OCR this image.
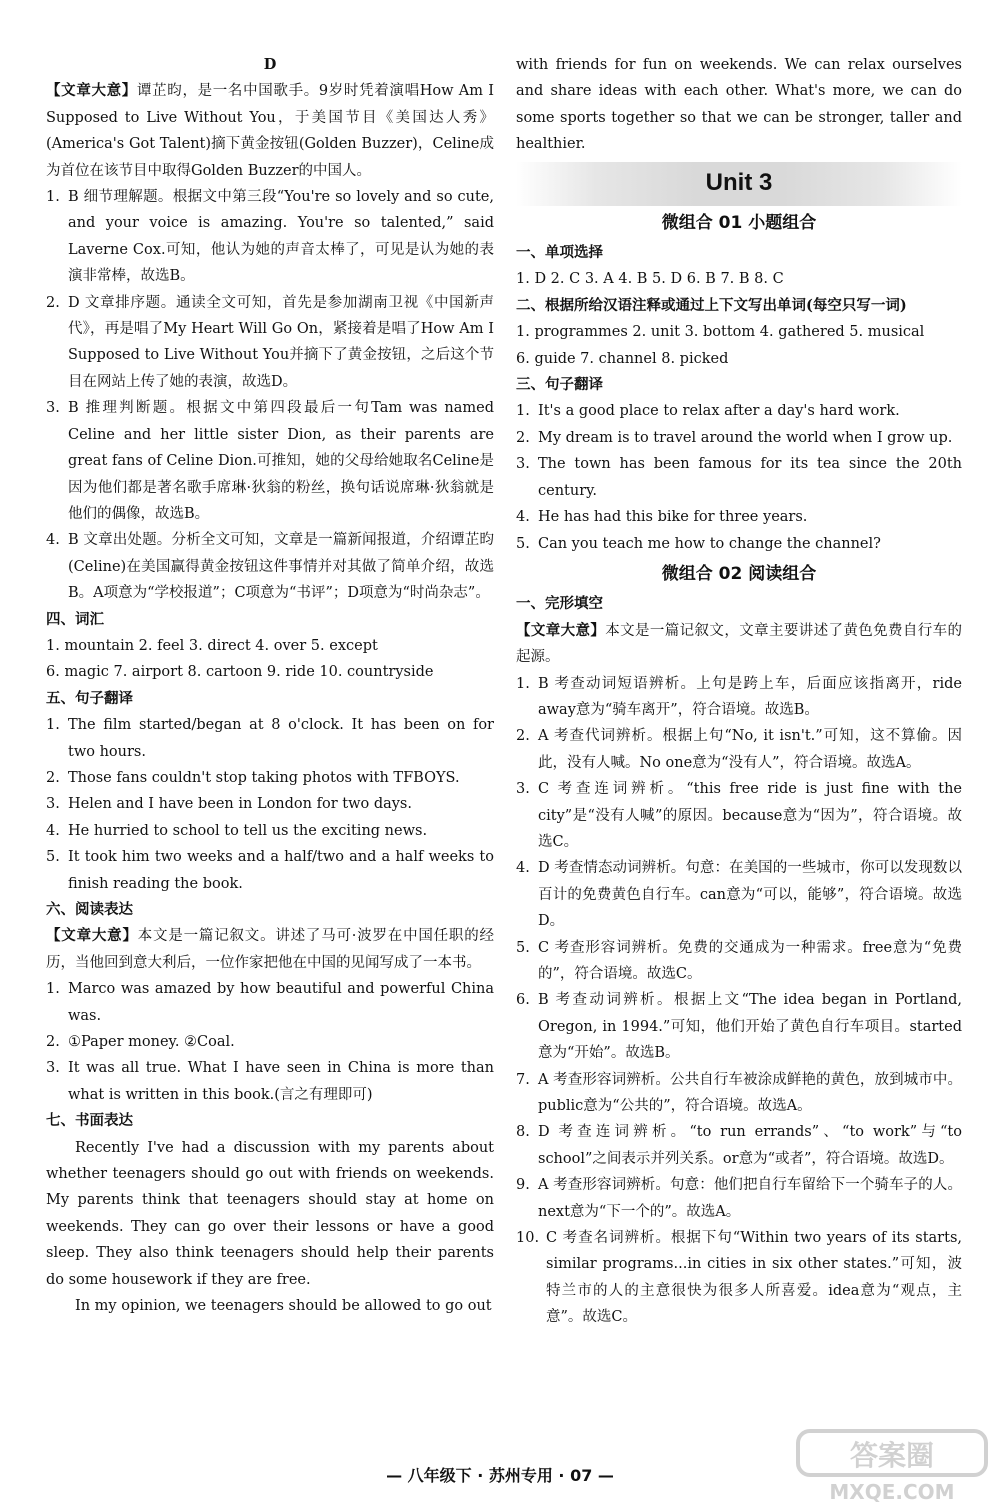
D

【文章大意】谭芷昀，是一名中国歌手。9岁时凭着演唱How Am I Supposed to Live Without You，于美国节目《美国达人秀》(America's Got Talent)摘下黄金按钮(Golden Buzzer)，Celine成为首位在该节目中取得Golden Buzzer的中国人。

1. B 细节理解题。根据文中第三段“You're so lovely and so cute, and your voice is amazing. You're so talented,” said Laverne Cox.可知，他认为她的声音太棒了，可见是认为她的表演非常棒，故选B。
2. D 文章排序题。通读全文可知，首先是参加湖南卫视《中国新声代》，再是唱了My Heart Will Go On，紧接着是唱了How Am I Supposed to Live Without You并摘下了黄金按钮，之后这个节目在网站上传了她的表演，故选D。
3. B 推理判断题。根据文中第四段最后一句Tam was named Celine and her little sister Dion, as their parents are great fans of Celine Dion.可推知，她的父母给她取名Celine是因为他们都是著名歌手席琳·狄翁的粉丝，换句话说席琳·狄翁就是他们的偶像，故选B。
4. B 文章出处题。分析全文可知，文章是一篇新闻报道，介绍谭芷昀(Celine)在美国赢得黄金按钮这件事情并对其做了简单介绍，故选B。A项意为“学校报道”；C项意为“书评”；D项意为“时尚杂志”。

四、词汇

1. mountain 2. feel 3. direct 4. over 5. except

6. magic 7. airport 8. cartoon 9. ride 10. countryside

五、句子翻译

1. The film started/began at 8 o'clock. It has been on for two hours.
2. Those fans couldn't stop taking photos with TFBOYS.
3. Helen and I have been in London for two days.
4. He hurried to school to tell us the exciting news.
5. It took him two weeks and a half/two and a half weeks to finish reading the book.

六、阅读表达

【文章大意】本文是一篇记叙文。讲述了马可·波罗在中国任职的经历，当他回到意大利后，一位作家把他在中国的见闻写成了一本书。

1. Marco was amazed by how beautiful and powerful China was.
2. ①Paper money. ②Coal.
3. It was all true. What I have seen in China is more than what is written in this book.(言之有理即可)

七、书面表达

Recently I've had a discussion with my parents about whether teenagers should go out with friends on weekends. My parents think that teenagers should stay at home on weekends. They can go over their lessons or have a good sleep. They also think teenagers should help their parents do some housework if they are free.

In my opinion, we teenagers should be allowed to go out

with friends for fun on weekends. We can relax ourselves and share ideas with each other. What's more, we can do some sports together so that we can be stronger, taller and healthier.

Unit 3

微组合 01 小题组合

一、单项选择

1. D 2. C 3. A 4. B 5. D 6. B 7. B 8. C

二、根据所给汉语注释或通过上下文写出单词(每空只写一词)

1. programmes 2. unit 3. bottom 4. gathered 5. musical

6. guide 7. channel 8. picked

三、句子翻译

1. It's a good place to relax after a day's hard work.
2. My dream is to travel around the world when I grow up.
3. The town has been famous for its tea since the 20th century.
4. He has had this bike for three years.
5. Can you teach me how to change the channel?

微组合 02 阅读组合

一、完形填空

【文章大意】本文是一篇记叙文，文章主要讲述了黄色免费自行车的起源。

1. B 考查动词短语辨析。上句是跨上车，后面应该指离开，ride away意为“骑车离开”，符合语境。故选B。
2. A 考查代词辨析。根据上句“No, it isn't.”可知，这不算偷。因此，没有人喊。No one意为“没有人”，符合语境。故选A。
3. C 考查连词辨析。“this free ride is just fine with the city”是“没有人喊”的原因。because意为“因为”，符合语境。故选C。
4. D 考查情态动词辨析。句意：在美国的一些城市，你可以发现数以百计的免费黄色自行车。can意为“可以，能够”，符合语境。故选D。
5. C 考查形容词辨析。免费的交通成为一种需求。free意为“免费的”，符合语境。故选C。
6. B 考查动词辨析。根据上文“The idea began in Portland, Oregon, in 1994.”可知，他们开始了黄色自行车项目。started意为“开始”。故选B。
7. A 考查形容词辨析。公共自行车被涂成鲜艳的黄色，放到城市中。public意为“公共的”，符合语境。故选A。
8. D 考查连词辨析。“to run errands”、“to work”与“to school”之间表示并列关系。or意为“或者”，符合语境。故选D。
9. A 考查形容词辨析。句意：他们把自行车留给下一个骑车子的人。next意为“下一个的”。故选A。
10. C 考查名词辨析。根据下句“Within two years of its starts, similar programs...in cities in six other states.”可知，波特兰市的人的主意很快为很多人所喜爱。idea意为“观点，主意”。故选C。
— 八年级下 · 苏州专用 · 07 —
答案圈
MXQE.COM
